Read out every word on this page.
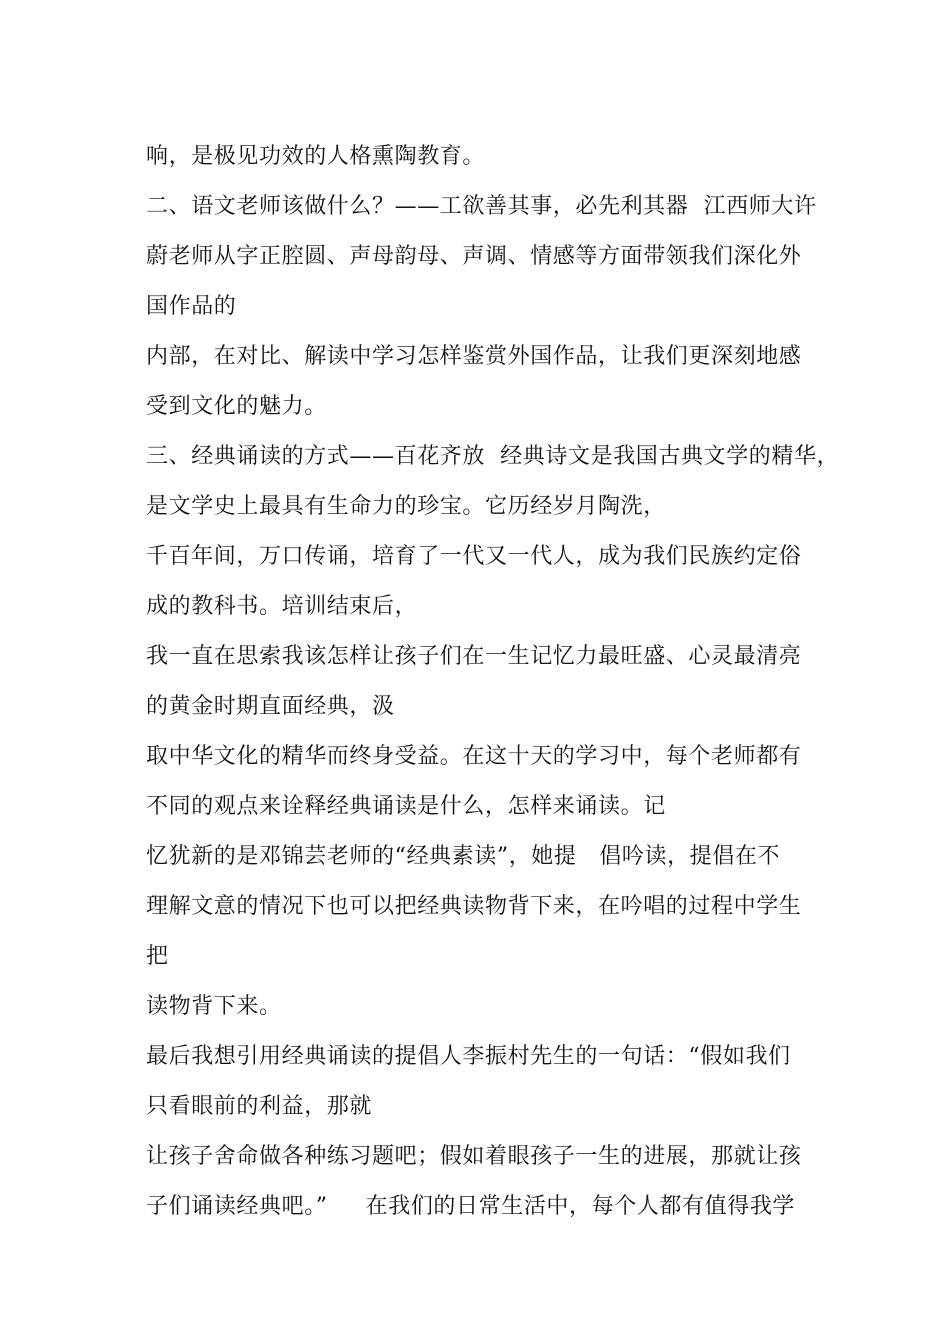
响，是极见功效的人格熏陶教育。
二、语文老师该做什么？——工欲善其事，必先利其器  江西师大许
蔚老师从字正腔圆、声母韵母、声调、情感等方面带领我们深化外
国作品的
内部，在对比、解读中学习怎样鉴赏外国作品，让我们更深刻地感
受到文化的魅力。
三、经典诵读的方式——百花齐放  经典诗文是我国古典文学的精华，
是文学史上最具有生命力的珍宝。它历经岁月陶洗，
千百年间，万口传诵，培育了一代又一代人，成为我们民族约定俗
成的教科书。培训结束后，
我一直在思索我该怎样让孩子们在一生记忆力最旺盛、心灵最清亮
的黄金时期直面经典，汲
取中华文化的精华而终身受益。在这十天的学习中，每个老师都有
不同的观点来诠释经典诵读是什么，怎样来诵读。记
忆犹新的是邓锦芸老师的“经典素读”，她提   倡吟读，提倡在不
理解文意的情况下也可以把经典读物背下来，在吟唱的过程中学生
把
读物背下来。
最后我想引用经典诵读的提倡人李振村先生的一句话：“假如我们
只看眼前的利益，那就
让孩子舍命做各种练习题吧；假如着眼孩子一生的进展，那就让孩
子们诵读经典吧。”     在我们的日常生活中，每个人都有值得我学
